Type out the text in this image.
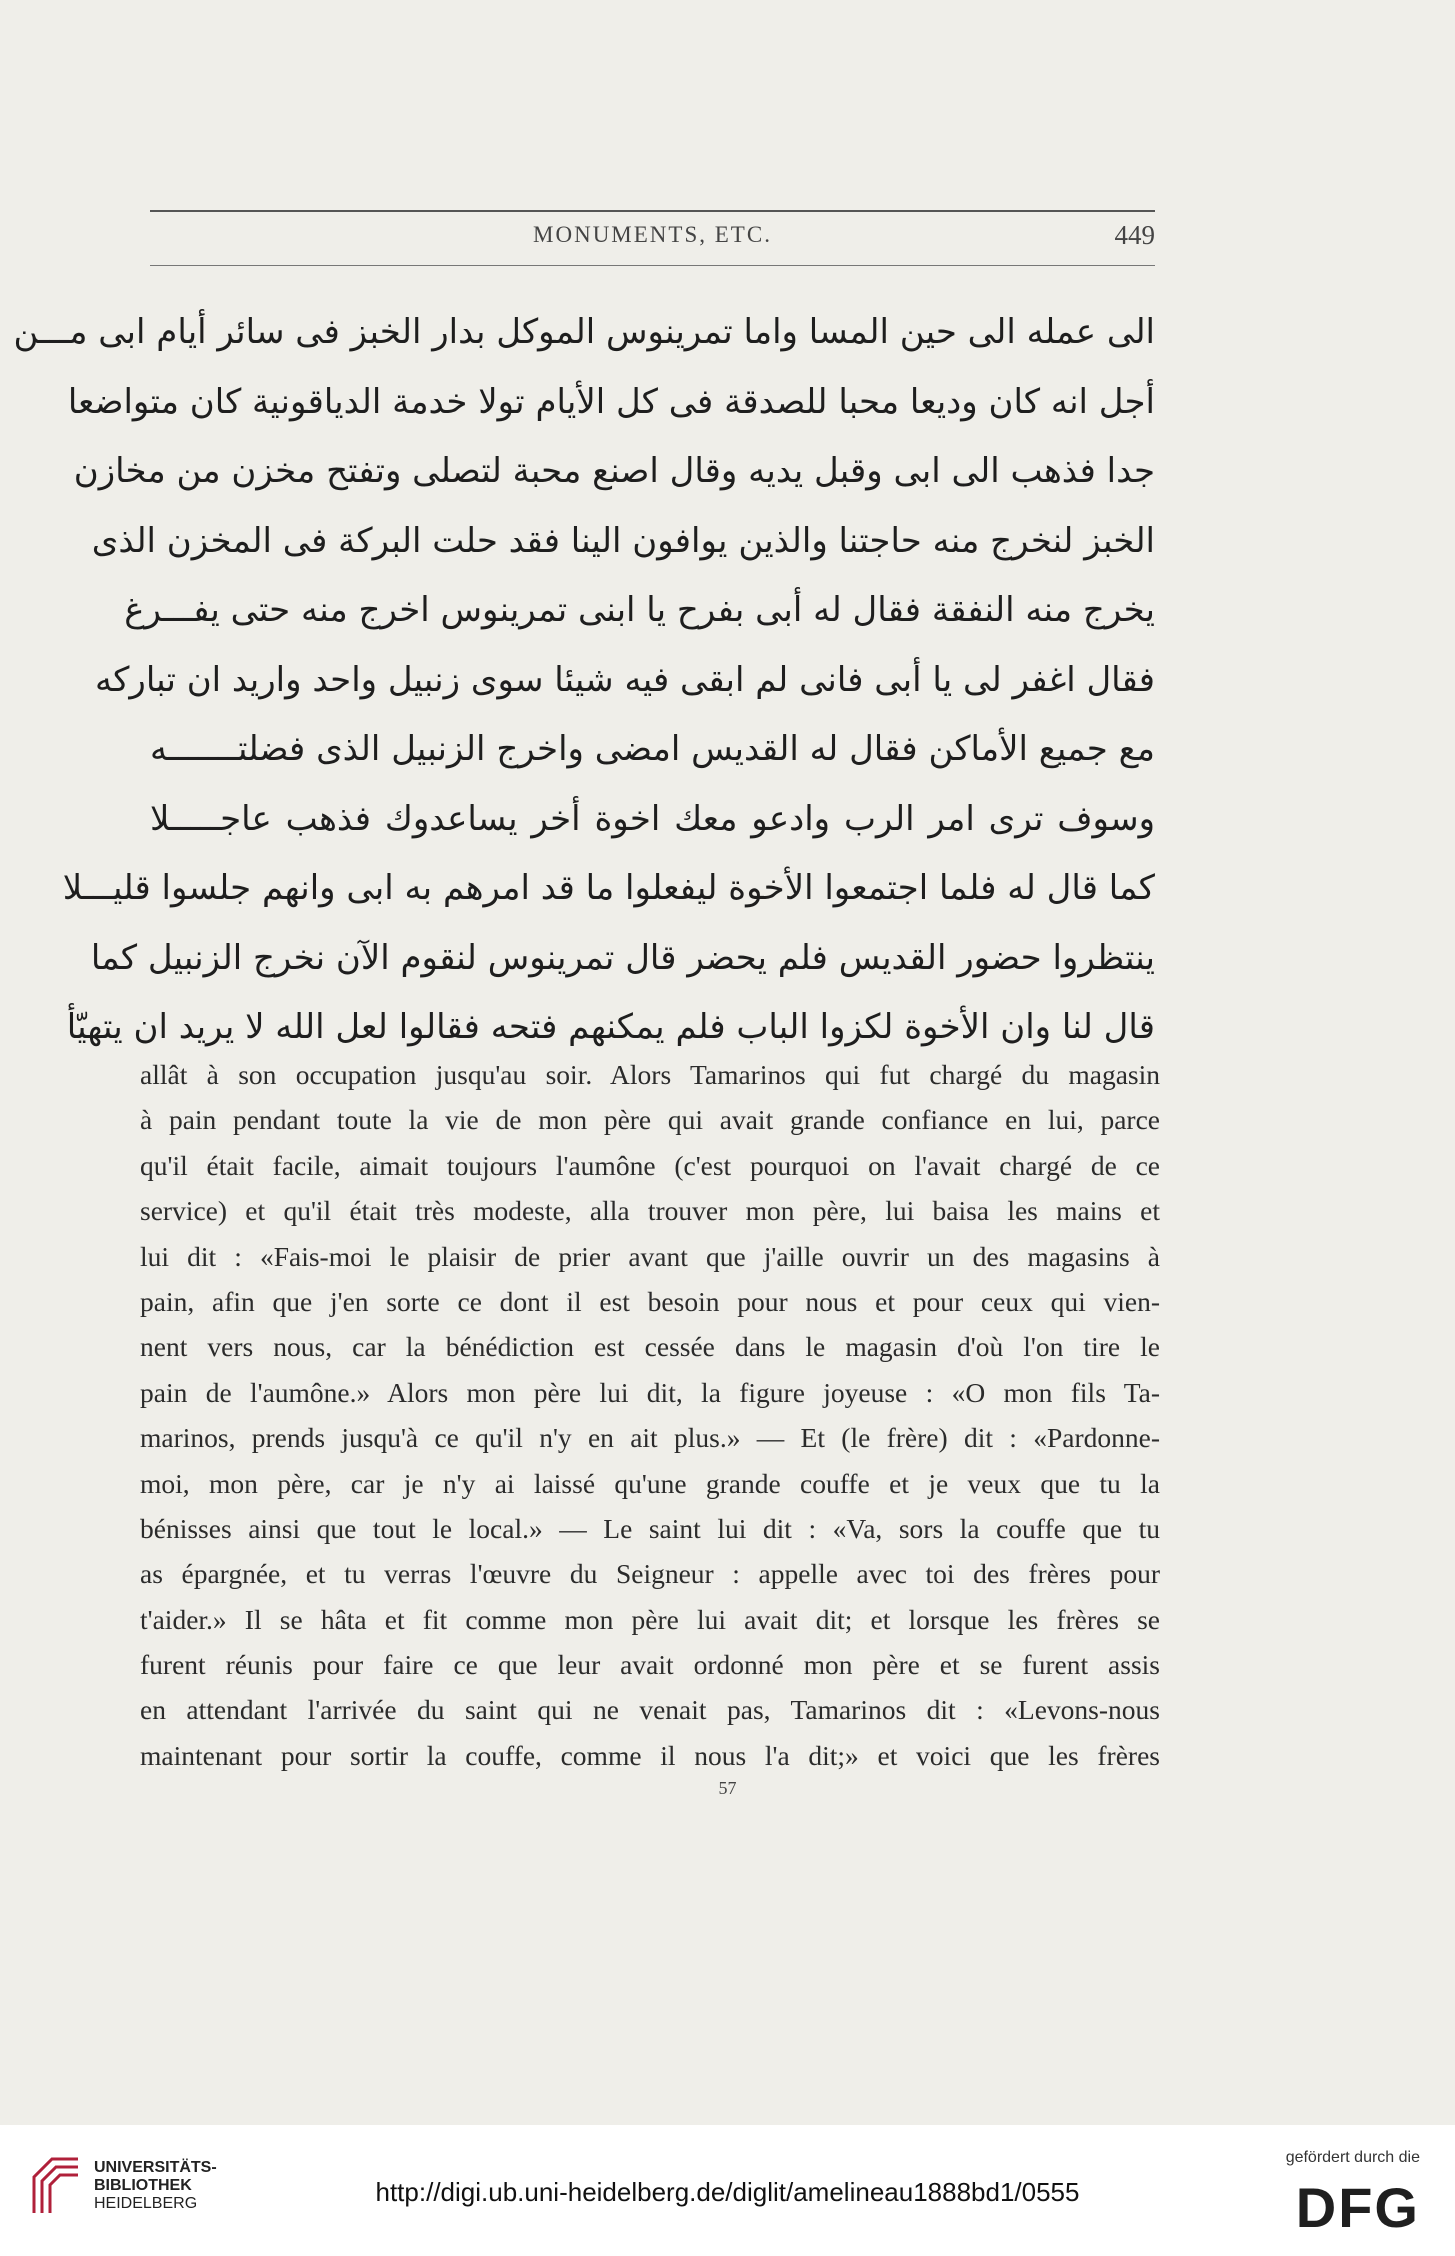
MONUMENTS, ETC.	449
الى عمله الى حين المسا واما تمرينوس الموكل بدار الخبز فى سائر أيام ابى مـــن
أجل انه كان وديعا محبا للصدقة فى كل الأيام تولا خدمة الدياقونية كان متواضعا
جدا فذهب الى ابى وقبل يديه وقال اصنع محبة لتصلى وتفتح مخزن من مخازن
الخبز لنخرج منه حاجتنا والذين يوافون الينا فقد حلت البركة فى المخزن الذى
يخرج منه النفقة فقال له أبى بفرح يا ابنى تمرينوس اخرج منه حتى يفـــرغ
فقال اغفر لى يا أبى فانى لم ابقى فيه شيئا سوى زنبيل واحد واريد ان تباركه
مع جميع الأماكن فقال له القديس امضى واخرج الزنبيل الذى فضلتـــــــه
وسوف ترى امر الرب وادعو معك اخوة أخر يساعدوك فذهب عاجـــــلا
كما قال له فلما اجتمعوا الأخوة ليفعلوا ما قد امرهم به ابى وانهم جلسوا قليـــلا
ينتظروا حضور القديس فلم يحضر قال تمرينوس لنقوم الآن نخرج الزنبيل كما
قال لنا وان الأخوة لكزوا الباب فلم يمكنهم فتحه فقالوا لعل الله لا يريد ان يتهيّأ
allât à son occupation jusqu'au soir. Alors Tamarinos qui fut chargé du magasin
à pain pendant toute la vie de mon père qui avait grande confiance en lui, parce
qu'il était facile, aimait toujours l'aumône (c'est pourquoi on l'avait chargé de ce
service) et qu'il était très modeste, alla trouver mon père, lui baisa les mains et
lui dit : «Fais-moi le plaisir de prier avant que j'aille ouvrir un des magasins à
pain, afin que j'en sorte ce dont il est besoin pour nous et pour ceux qui vien-
nent vers nous, car la bénédiction est cessée dans le magasin d'où l'on tire le
pain de l'aumône.» Alors mon père lui dit, la figure joyeuse : «O mon fils Ta-
marinos, prends jusqu'à ce qu'il n'y en ait plus.» — Et (le frère) dit : «Pardonne-
moi, mon père, car je n'y ai laissé qu'une grande couffe et je veux que tu la
bénisses ainsi que tout le local.» — Le saint lui dit : «Va, sors la couffe que tu
as épargnée, et tu verras l'œuvre du Seigneur : appelle avec toi des frères pour
t'aider.» Il se hâta et fit comme mon père lui avait dit; et lorsque les frères se
furent réunis pour faire ce que leur avait ordonné mon père et se furent assis
en attendant l'arrivée du saint qui ne venait pas, Tamarinos dit : «Levons-nous
maintenant pour sortir la couffe, comme il nous l'a dit;» et voici que les frères
57
UNIVERSITÄTS-
BIBLIOTHEK
HEIDELBERG	http://digi.ub.uni-heidelberg.de/diglit/amelineau1888bd1/0555
gefördert durch die
DFG
